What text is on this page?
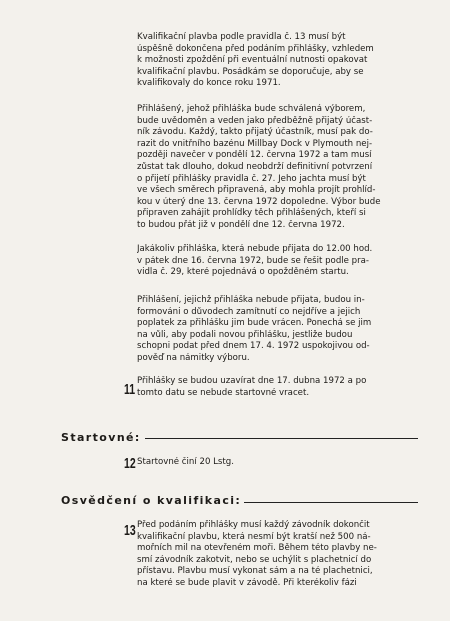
Kvalifikační plavba podle pravidla č. 13 musí být
úspěšně dokončena před podáním přihlášky, vzhledem
k možnosti zpoždění při eventuální nutnosti opakovat
kvalifikační plavbu. Posádkám se doporučuje, aby se
kvalifikovaly do konce roku 1971.

Přihlášený, jehož přihláška bude schválená výborem,
bude uvědoměn a veden jako předběžně přijatý účast-
ník závodu. Každý, takto přijatý účastník, musí pak do-
razit do vnitřního bazénu Millbay Dock v Plymouth nej-
později navečer v pondělí 12. června 1972 a tam musí
zůstat tak dlouho, dokud neobdrží definitivní potvrzení
o přijetí přihlášky pravidla č. 27. Jeho jachta musí být
ve všech směrech připravená, aby mohla projít prohlíd-
kou v úterý dne 13. června 1972 dopoledne. Výbor bude
připraven zahájit prohlídky těch přihlášených, kteří si
to budou přát již v pondělí dne 12. června 1972.

Jakákoliv přihláška, která nebude přijata do 12.00 hod.
v pátek dne 16. června 1972, bude se řešit podle pra-
vidla č. 29, které pojednává o opožděném startu.

Přihlášení, jejichž přihláška nebude přijata, budou in-
formováni o důvodech zamítnutí co nejdříve a jejich
poplatek za přihlášku jim bude vrácen. Ponechá se jim
na vůli, aby podali novou přihlášku, jestliže budou
schopni podat před dnem 17. 4. 1972 uspokojivou od-
pověď na námitky výboru.

11 Přihlášky se budou uzavírat dne 17. dubna 1972 a po
tomto datu se nebude startovné vracet.

Startovné:
12 Startovné činí 20 Lstg.

Osvědčení o kvalifikaci:
13 Před podáním přihlášky musí každý závodník dokončit
kvalifikační plavbu, která nesmí být kratší než 500 ná-
mořních mil na otevřeném moři. Během této plavby ne-
smí závodník zakotvit, nebo se uchýlit s plachetnicí do
přístavu. Plavbu musí vykonat sám a na té plachetnici,
na které se bude plavit v závodě. Při kterékoliv fázi
